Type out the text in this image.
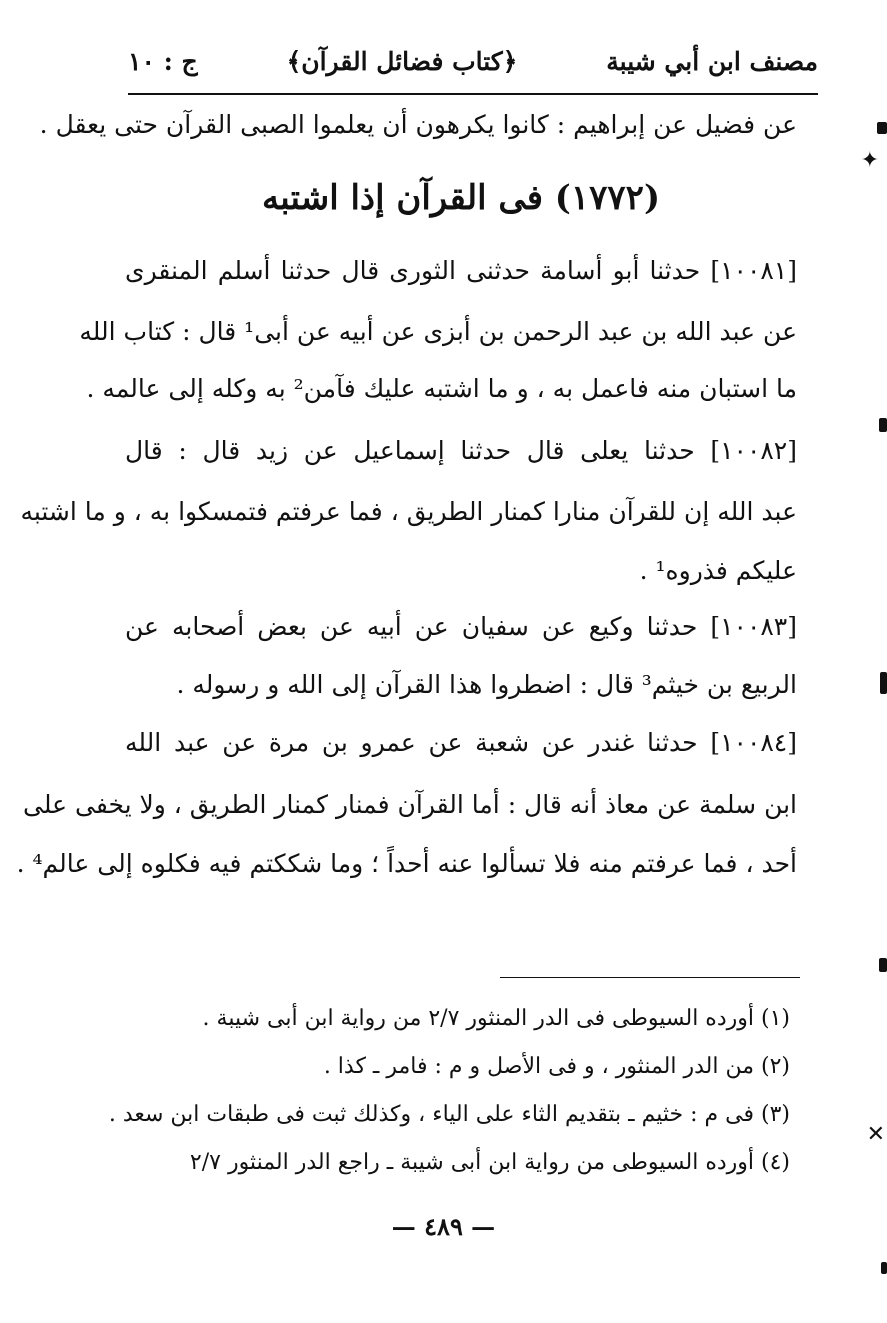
مصنف ابن أبي شيبة
﴿كتاب فضائل القرآن﴾
ج : ١٠
عن فضيل عن إبراهيم : كانوا يكرهون أن يعلموا الصبى القرآن حتى يعقل .
(١٧٧٢) فى القرآن إذا اشتبه
[١٠٠٨١] حدثنا أبو أسامة حدثنى الثورى قال حدثنا أسلم المنقرى
عن عبد الله بن عبد الرحمن بن أبزى عن أبيه عن أبى¹ قال : كتاب الله
ما استبان منه فاعمل به ، و ما اشتبه عليك فآمن² به وكله إلى عالمه .
[١٠٠٨٢] حدثنا يعلى قال حدثنا إسماعيل عن زيد قال : قال
عبد الله إن للقرآن منارا كمنار الطريق ، فما عرفتم فتمسكوا به ، و ما اشتبه
عليكم فذروه¹ .
[١٠٠٨٣] حدثنا وكيع عن سفيان عن أبيه عن بعض أصحابه عن
الربيع بن خيثم³ قال : اضطروا هذا القرآن إلى الله و رسوله .
[١٠٠٨٤] حدثنا غندر عن شعبة عن عمرو بن مرة عن عبد الله
ابن سلمة عن معاذ أنه قال : أما القرآن فمنار كمنار الطريق ، ولا يخفى على
أحد ، فما عرفتم منه فلا تسألوا عنه أحداً ؛ وما شككتم فيه فكلوه إلى عالم⁴ .
(١) أورده السيوطى فى الدر المنثور ٢/٧ من رواية ابن أبى شيبة .
(٢) من الدر المنثور ، و فى الأصل و م : فامر ـ كذا .
(٣) فى م : خثيم ـ بتقديم الثاء على الياء ، وكذلك ثبت فى طبقات ابن سعد .
(٤) أورده السيوطى من رواية ابن أبى شيبة ـ راجع الدر المنثور ٢/٧
— ٤٨٩ —
✦
✕
